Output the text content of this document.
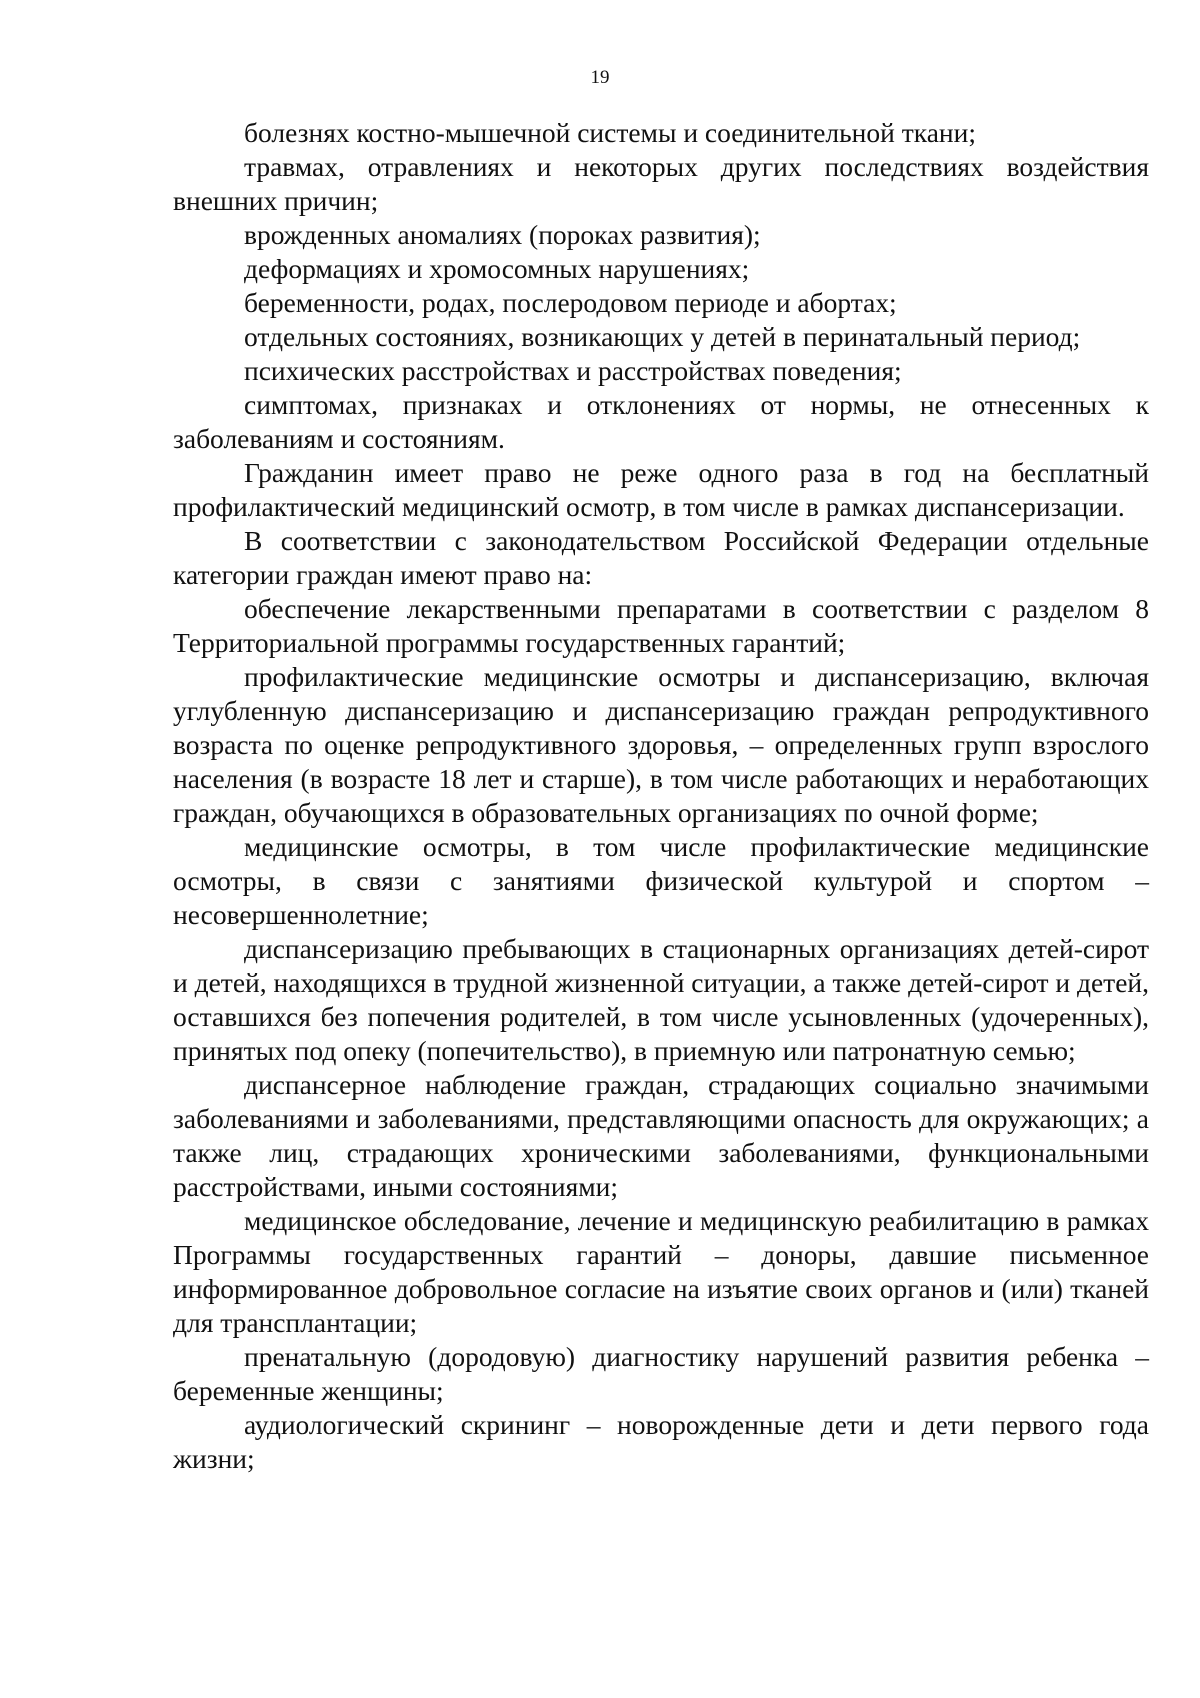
19

болезнях костно-мышечной системы и соединительной ткани;

травмах, отравлениях и некоторых других последствиях воздействия внешних причин;

врожденных аномалиях (пороках развития);

деформациях и хромосомных нарушениях;

беременности, родах, послеродовом периоде и абортах;

отдельных состояниях, возникающих у детей в перинатальный период;

психических расстройствах и расстройствах поведения;

симптомах, признаках и отклонениях от нормы, не отнесенных к заболеваниям и состояниям.

Гражданин имеет право не реже одного раза в год на бесплатный профилактический медицинский осмотр, в том числе в рамках диспансеризации.

В соответствии с законодательством Российской Федерации отдельные категории граждан имеют право на:

обеспечение лекарственными препаратами в соответствии с разделом 8 Территориальной программы государственных гарантий;

профилактические медицинские осмотры и диспансеризацию, включая углубленную диспансеризацию и диспансеризацию граждан репродуктивного возраста по оценке репродуктивного здоровья, – определенных групп взрослого населения (в возрасте 18 лет и старше), в том числе работающих и неработающих граждан, обучающихся в образовательных организациях по очной форме;

медицинские осмотры, в том числе профилактические медицинские осмотры, в связи с занятиями физической культурой и спортом – несовершеннолетние;

диспансеризацию пребывающих в стационарных организациях детей-сирот и детей, находящихся в трудной жизненной ситуации, а также детей-сирот и детей, оставшихся без попечения родителей, в том числе усыновленных (удочеренных), принятых под опеку (попечительство), в приемную или патронатную семью;

диспансерное наблюдение граждан, страдающих социально значимыми заболеваниями и заболеваниями, представляющими опасность для окружающих; а также лиц, страдающих хроническими заболеваниями, функциональными расстройствами, иными состояниями;

медицинское обследование, лечение и медицинскую реабилитацию в рамках Программы государственных гарантий – доноры, давшие письменное информированное добровольное согласие на изъятие своих органов и (или) тканей для трансплантации;

пренатальную (дородовую) диагностику нарушений развития ребенка – беременные женщины;

аудиологический скрининг – новорожденные дети и дети первого года жизни;
